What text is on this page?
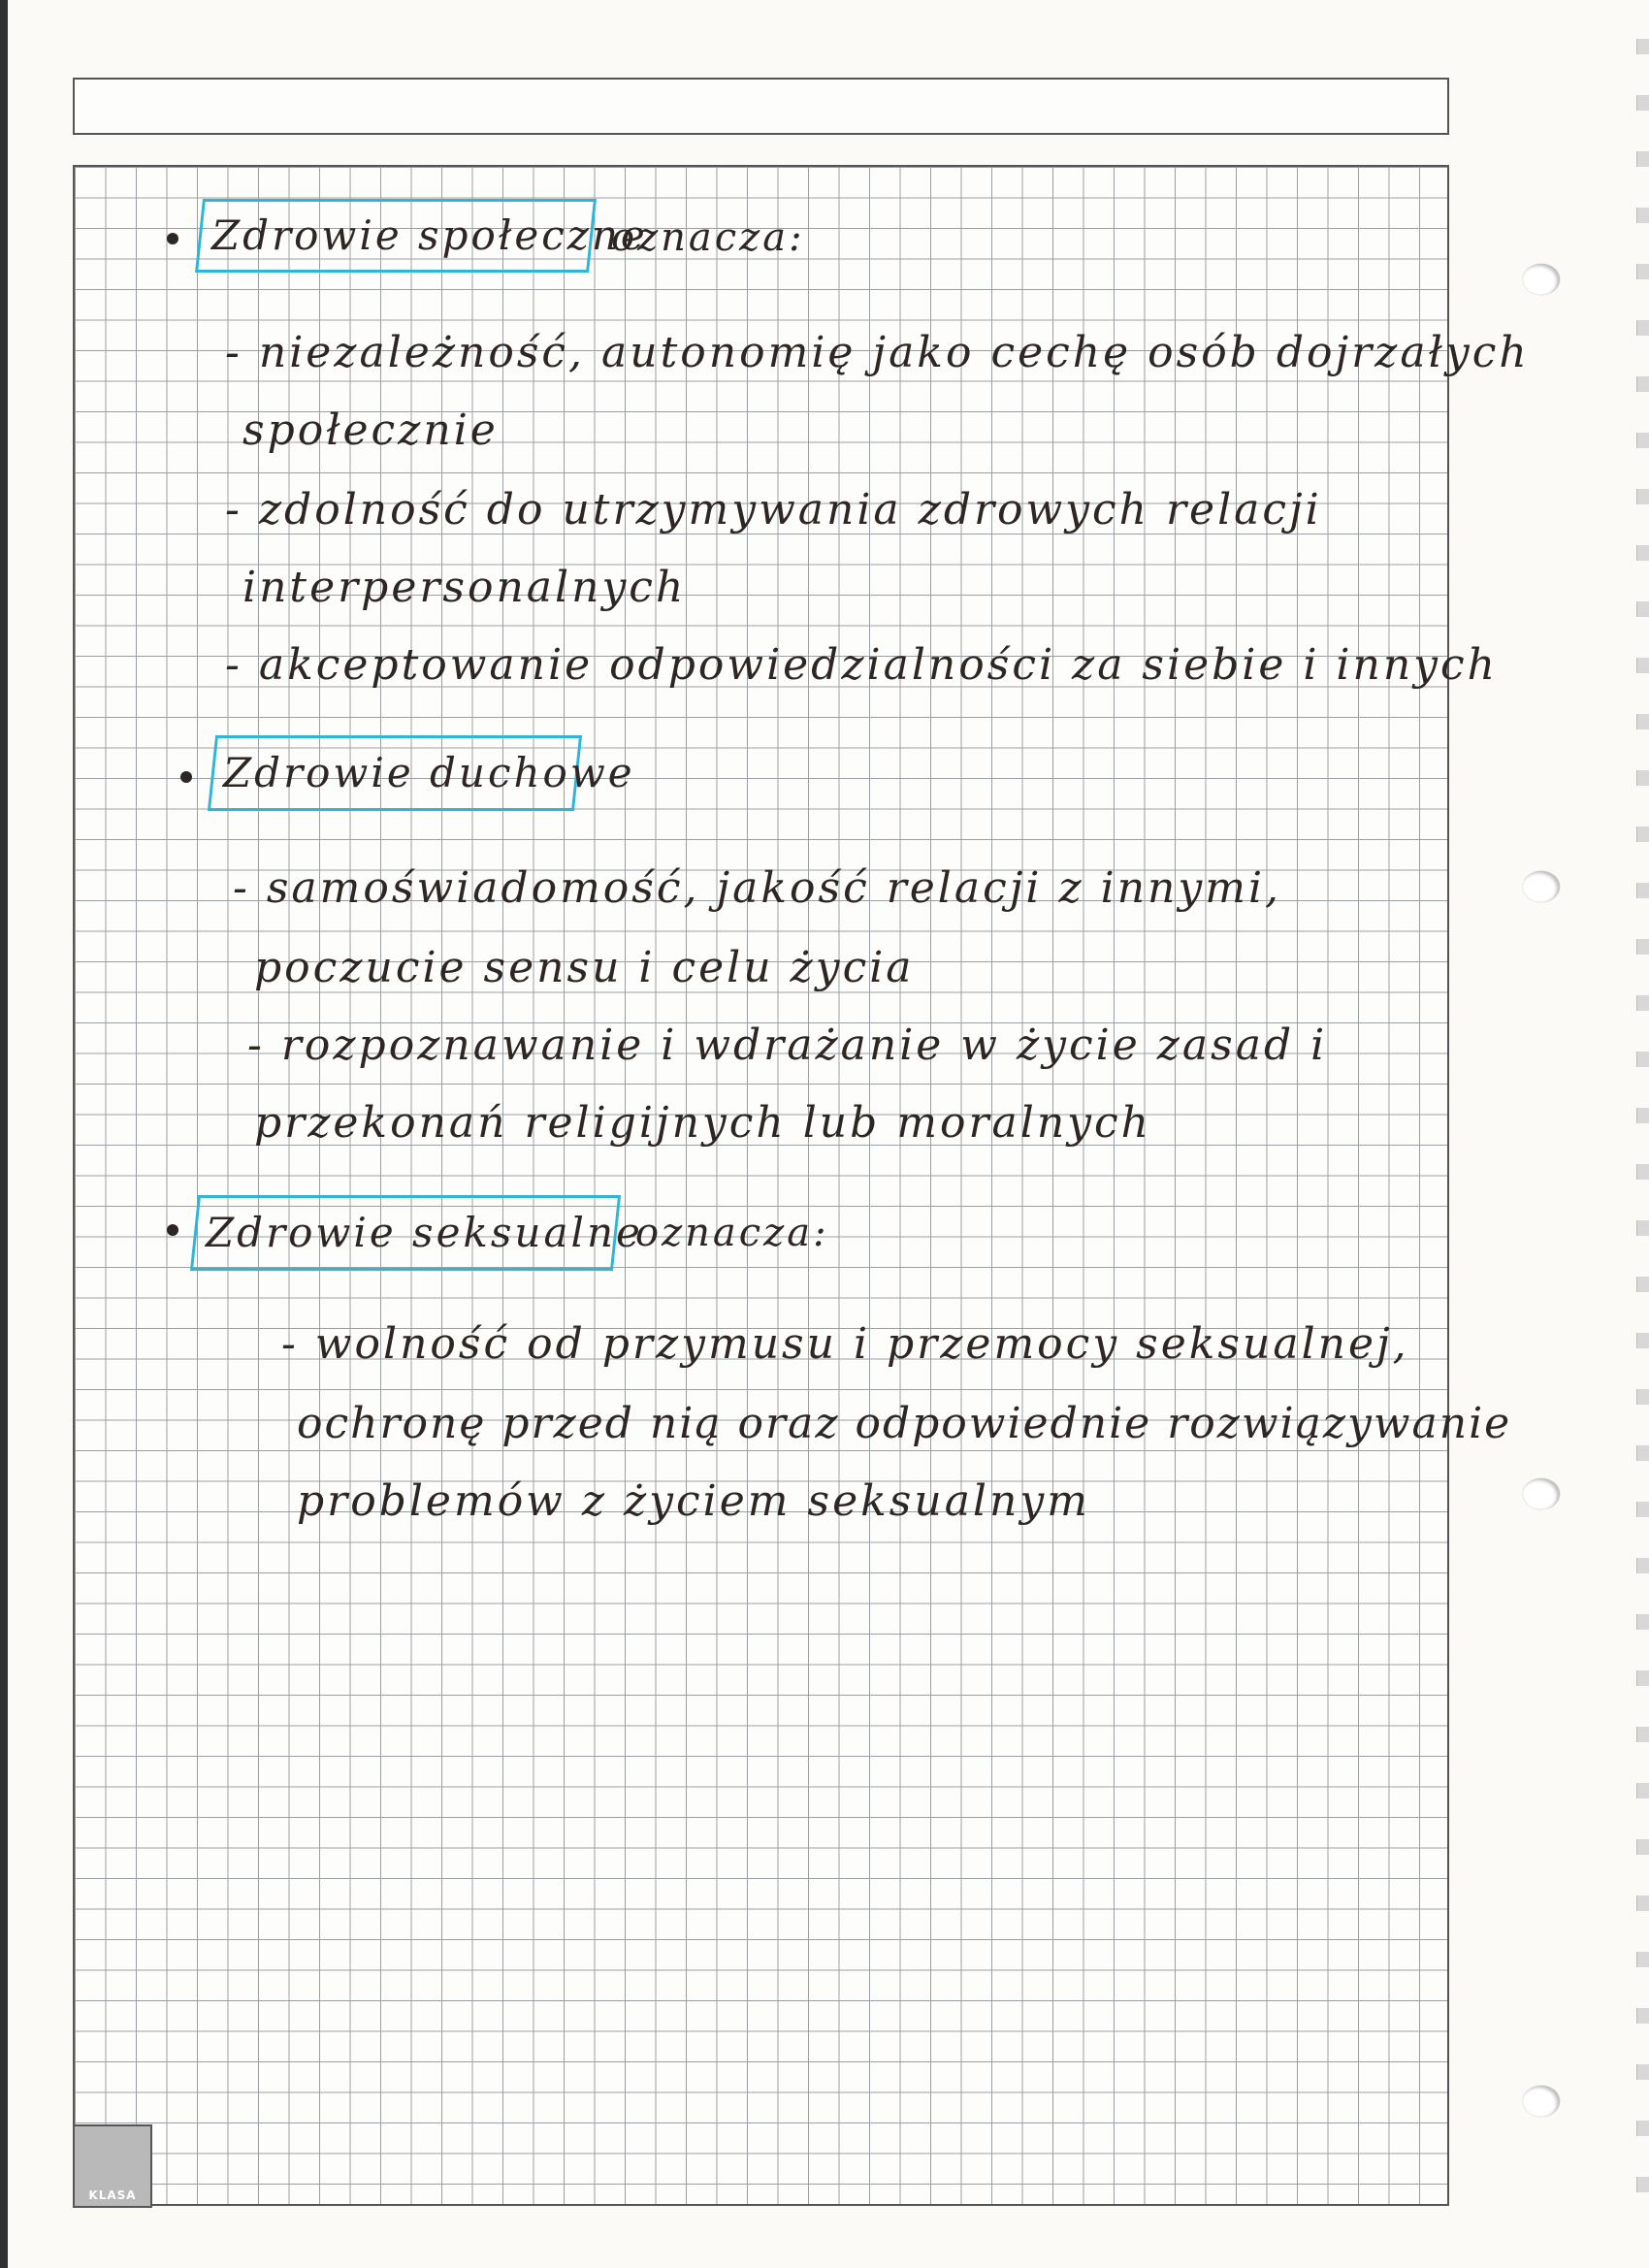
Zdrowie społeczne
oznacza:
- niezależność, autonomię jako cechę osób dojrzałych
społecznie
- zdolność do utrzymywania zdrowych relacji
interpersonalnych
- akceptowanie odpowiedzialności za siebie i innych
Zdrowie duchowe
- samoświadomość, jakość relacji z innymi,
poczucie sensu i celu życia
- rozpoznawanie i wdrażanie w życie zasad i
przekonań religijnych lub moralnych
Zdrowie seksualne
oznacza:
- wolność od przymusu i przemocy seksualnej,
ochronę przed nią oraz odpowiednie rozwiązywanie
problemów z życiem seksualnym
KLASA
